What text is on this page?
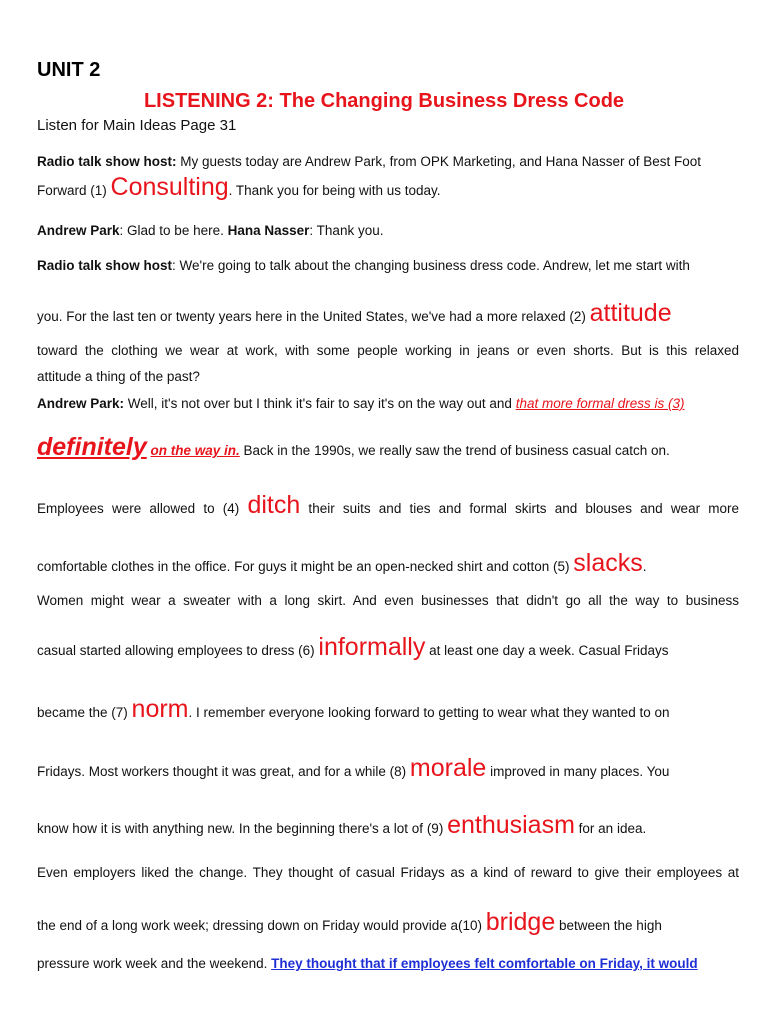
UNIT 2
LISTENING 2: The Changing Business Dress Code
Listen for Main Ideas Page 31
Radio talk show host: My guests today are Andrew Park, from OPK Marketing, and Hana Nasser of Best Foot
Forward (1) Consulting. Thank you for being with us today.
Andrew Park: Glad to be here. Hana Nasser: Thank you.
Radio talk show host: We're going to talk about the changing business dress code. Andrew, let me start with
you. For the last ten or twenty years here in the United States, we've had a more relaxed (2) attitude
toward the clothing we wear at work, with some people working in jeans or even shorts. But is this relaxed
attitude a thing of the past?
Andrew Park: Well, it's not over but I think it's fair to say it's on the way out and that more formal dress is (3)
definitely on the way in. Back in the 1990s, we really saw the trend of business casual catch on.
Employees were allowed to (4) ditch their suits and ties and formal skirts and blouses and wear more
comfortable clothes in the office. For guys it might be an open-necked shirt and cotton (5) slacks.
Women might wear a sweater with a long skirt. And even businesses that didn't go all the way to business
casual started allowing employees to dress (6) informally at least one day a week. Casual Fridays
became the (7) norm. I remember everyone looking forward to getting to wear what they wanted to on
Fridays. Most workers thought it was great, and for a while (8) morale improved in many places. You
know how it is with anything new. In the beginning there's a lot of (9) enthusiasm for an idea.
Even employers liked the change. They thought of casual Fridays as a kind of reward to give their employees at
the end of a long work week; dressing down on Friday would provide a(10) bridge between the high
pressure work week and the weekend. They thought that if employees felt comfortable on Friday, it would
